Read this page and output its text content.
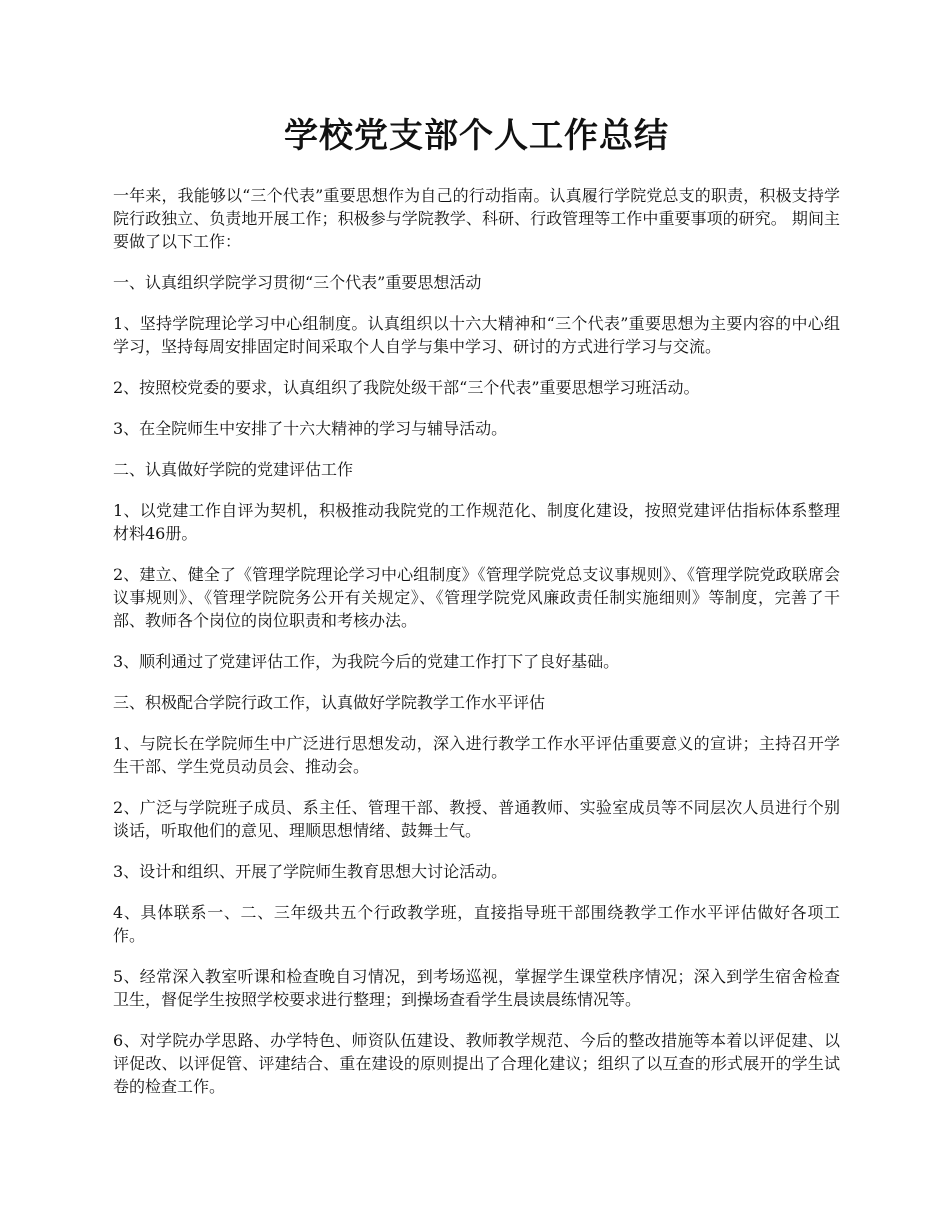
学校党支部个人工作总结

一年来，我能够以“三个代表”重要思想作为自己的行动指南。认真履行学院党总支的职责，积极支持学院行政独立、负责地开展工作；积极参与学院教学、科研、行政管理等工作中重要事项的研究。 期间主要做了以下工作：

一、认真组织学院学习贯彻“三个代表”重要思想活动

1、坚持学院理论学习中心组制度。认真组织以十六大精神和“三个代表”重要思想为主要内容的中心组学习，坚持每周安排固定时间采取个人自学与集中学习、研讨的方式进行学习与交流。

2、按照校党委的要求，认真组织了我院处级干部“三个代表”重要思想学习班活动。

3、在全院师生中安排了十六大精神的学习与辅导活动。

二、认真做好学院的党建评估工作

1、以党建工作自评为契机，积极推动我院党的工作规范化、制度化建设，按照党建评估指标体系整理材料46册。

2、建立、健全了《管理学院理论学习中心组制度》《管理学院党总支议事规则》、《管理学院党政联席会议事规则》、《管理学院院务公开有关规定》、《管理学院党风廉政责任制实施细则》等制度，完善了干部、教师各个岗位的岗位职责和考核办法。

3、顺利通过了党建评估工作，为我院今后的党建工作打下了良好基础。

三、积极配合学院行政工作，认真做好学院教学工作水平评估

1、与院长在学院师生中广泛进行思想发动，深入进行教学工作水平评估重要意义的宣讲；主持召开学生干部、学生党员动员会、推动会。

2、广泛与学院班子成员、系主任、管理干部、教授、普通教师、实验室成员等不同层次人员进行个别谈话，听取他们的意见、理顺思想情绪、鼓舞士气。

3、设计和组织、开展了学院师生教育思想大讨论活动。

4、具体联系一、二、三年级共五个行政教学班，直接指导班干部围绕教学工作水平评估做好各项工作。

5、经常深入教室听课和检查晚自习情况，到考场巡视，掌握学生课堂秩序情况；深入到学生宿舍检查卫生，督促学生按照学校要求进行整理；到操场查看学生晨读晨练情况等。

6、对学院办学思路、办学特色、师资队伍建设、教师教学规范、今后的整改措施等本着以评促建、以评促改、以评促管、评建结合、重在建设的原则提出了合理化建议；组织了以互查的形式展开的学生试卷的检查工作。
